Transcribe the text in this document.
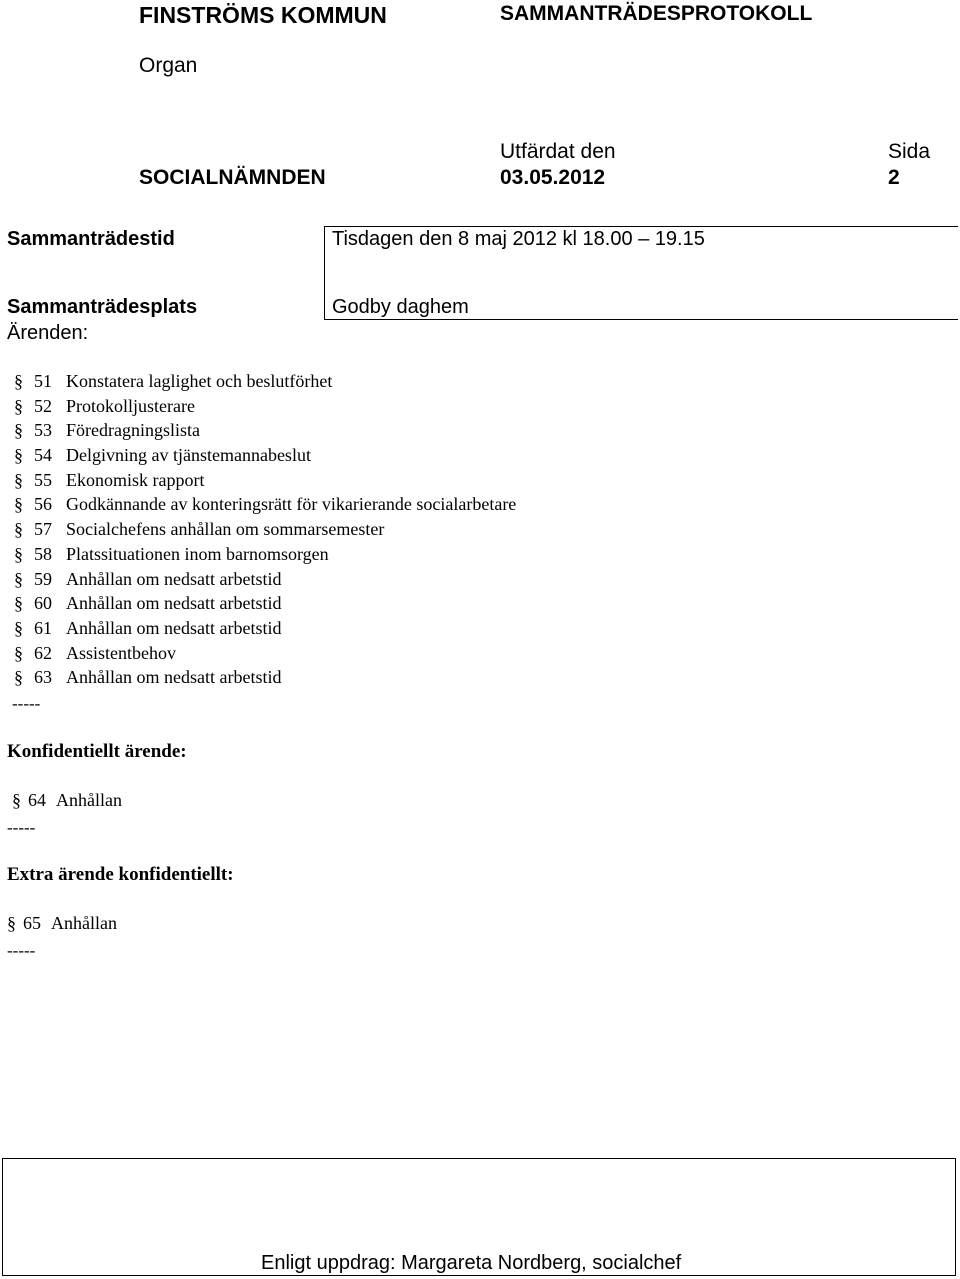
FINSTRÖMS KOMMUN	SAMMANTRÄDESPROTOKOLL
Organ
Utfärdat den	Sida
SOCIALNÄMNDEN	03.05.2012	2
Sammanträdestid	Tisdagen den 8 maj 2012 kl 18.00 – 19.15
Sammanträdesplats	Godby daghem
Ärenden:
§ 51 Konstatera laglighet och beslutförhet
§ 52 Protokolljusterare
§ 53 Föredragningslista
§ 54 Delgivning av tjänstemannabeslut
§ 55 Ekonomisk rapport
§ 56 Godkännande av konteringsrätt för vikarierande socialarbetare
§ 57 Socialchefens anhållan om sommarsemester
§ 58 Platssituationen inom barnomsorgen
§ 59 Anhållan om nedsatt arbetstid
§ 60 Anhållan om nedsatt arbetstid
§ 61 Anhållan om nedsatt arbetstid
§ 62 Assistentbehov
§ 63 Anhållan om nedsatt arbetstid
-----
Konfidentiellt ärende:
§ 64 Anhållan
-----
Extra ärende konfidentiellt:
§ 65 Anhållan
-----
Enligt uppdrag: Margareta Nordberg, socialchef
